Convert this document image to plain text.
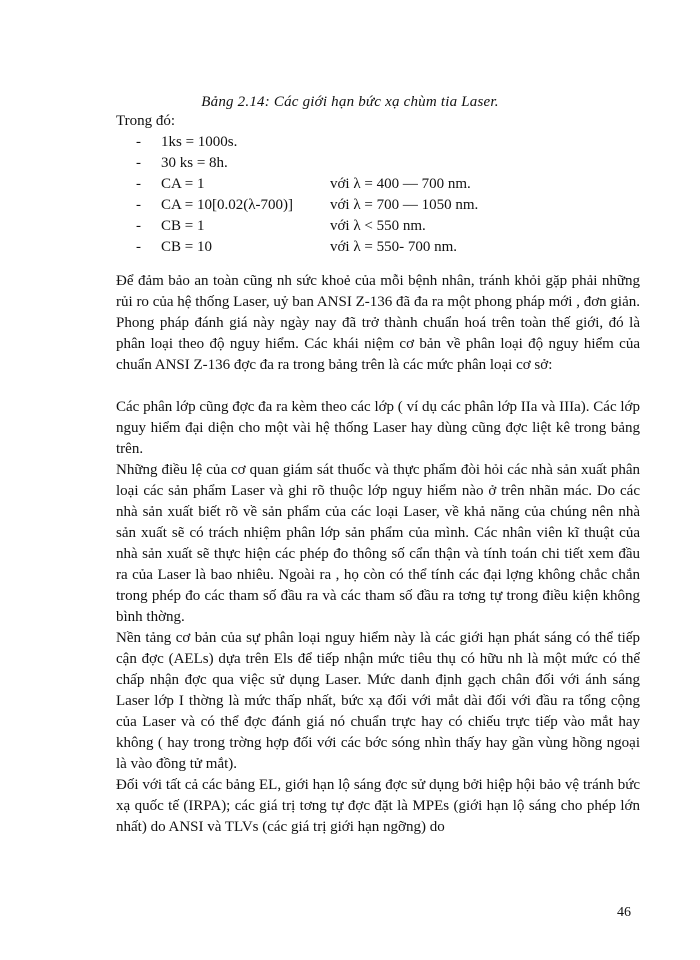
Bảng 2.14: Các giới hạn bức xạ chùm tia Laser.
Trong đó:
- 1ks = 1000s.
- 30 ks = 8h.
- CA = 1	với λ = 400 — 700 nm.
- CA = 10[0.02(λ-700)] với λ = 700 — 1050 nm.
- CB = 1	với λ < 550 nm.
- CB = 10	với λ = 550- 700 nm.

Để đảm bảo an toàn cũng nh sức khoẻ của mỗi bệnh nhân, tránh khỏi gặp phải những rủi ro của hệ thống Laser, uỷ ban ANSI Z-136 đã đa ra một phong pháp mới , đơn giản. Phong pháp đánh giá này ngày nay đã trở thành chuẩn hoá trên toàn thế giới, đó là phân loại theo độ nguy hiểm. Các khái niệm cơ bản về phân loại độ nguy hiểm của chuẩn ANSI Z-136 đợc đa ra trong bảng trên là các mức phân loại cơ sở:

Các phân lớp cũng đợc đa ra kèm theo các lớp ( ví dụ các phân lớp IIa và IIIa). Các lớp nguy hiểm đại diện cho một vài hệ thống Laser hay dùng cũng đợc liệt kê trong bảng trên.

Những điều lệ của cơ quan giám sát thuốc và thực phẩm đòi hỏi các nhà sản xuất phân loại các sản phẩm Laser và ghi rõ thuộc lớp nguy hiểm nào ở trên nhãn mác. Do các nhà sản xuất biết rõ về sản phẩm của các loại Laser, về khả năng của chúng nên nhà sản xuất sẽ có trách nhiệm phân lớp sản phẩm của mình. Các nhân viên kĩ thuật của nhà sản xuất sẽ thực hiện các phép đo thông số cẩn thận và tính toán chi tiết xem đầu ra của Laser là bao nhiêu. Ngoài ra , họ còn có thể tính các đại lợng không chắc chắn trong phép đo các tham số đầu ra và các tham số đầu ra tơng tự trong điều kiện không bình thờng.

Nền tảng cơ bản của sự phân loại nguy hiểm này là các giới hạn phát sáng có thể tiếp cận đợc (AELs) dựa trên Els để tiếp nhận mức tiêu thụ có hữu nh là một mức có thể chấp nhận đợc qua việc sử dụng Laser. Mức danh định gạch chân đối với ánh sáng Laser lớp I thờng là mức thấp nhất, bức xạ đối với mắt dài đối với đầu ra tổng cộng của Laser và có thể đợc đánh giá nó chuẩn trực hay có chiếu trực tiếp vào mắt hay không ( hay trong trờng hợp đối với các bớc sóng nhìn thấy hay gần vùng hồng ngoại là vào đồng tử mắt).

Đối với tất cả các bảng EL, giới hạn lộ sáng đợc sử dụng bởi hiệp hội bảo vệ tránh bức xạ quốc tế (IRPA); các giá trị tơng tự đợc đặt là MPEs (giới hạn lộ sáng cho phép lớn nhất) do ANSI và TLVs (các giá trị giới hạn ngỡng) do

46
